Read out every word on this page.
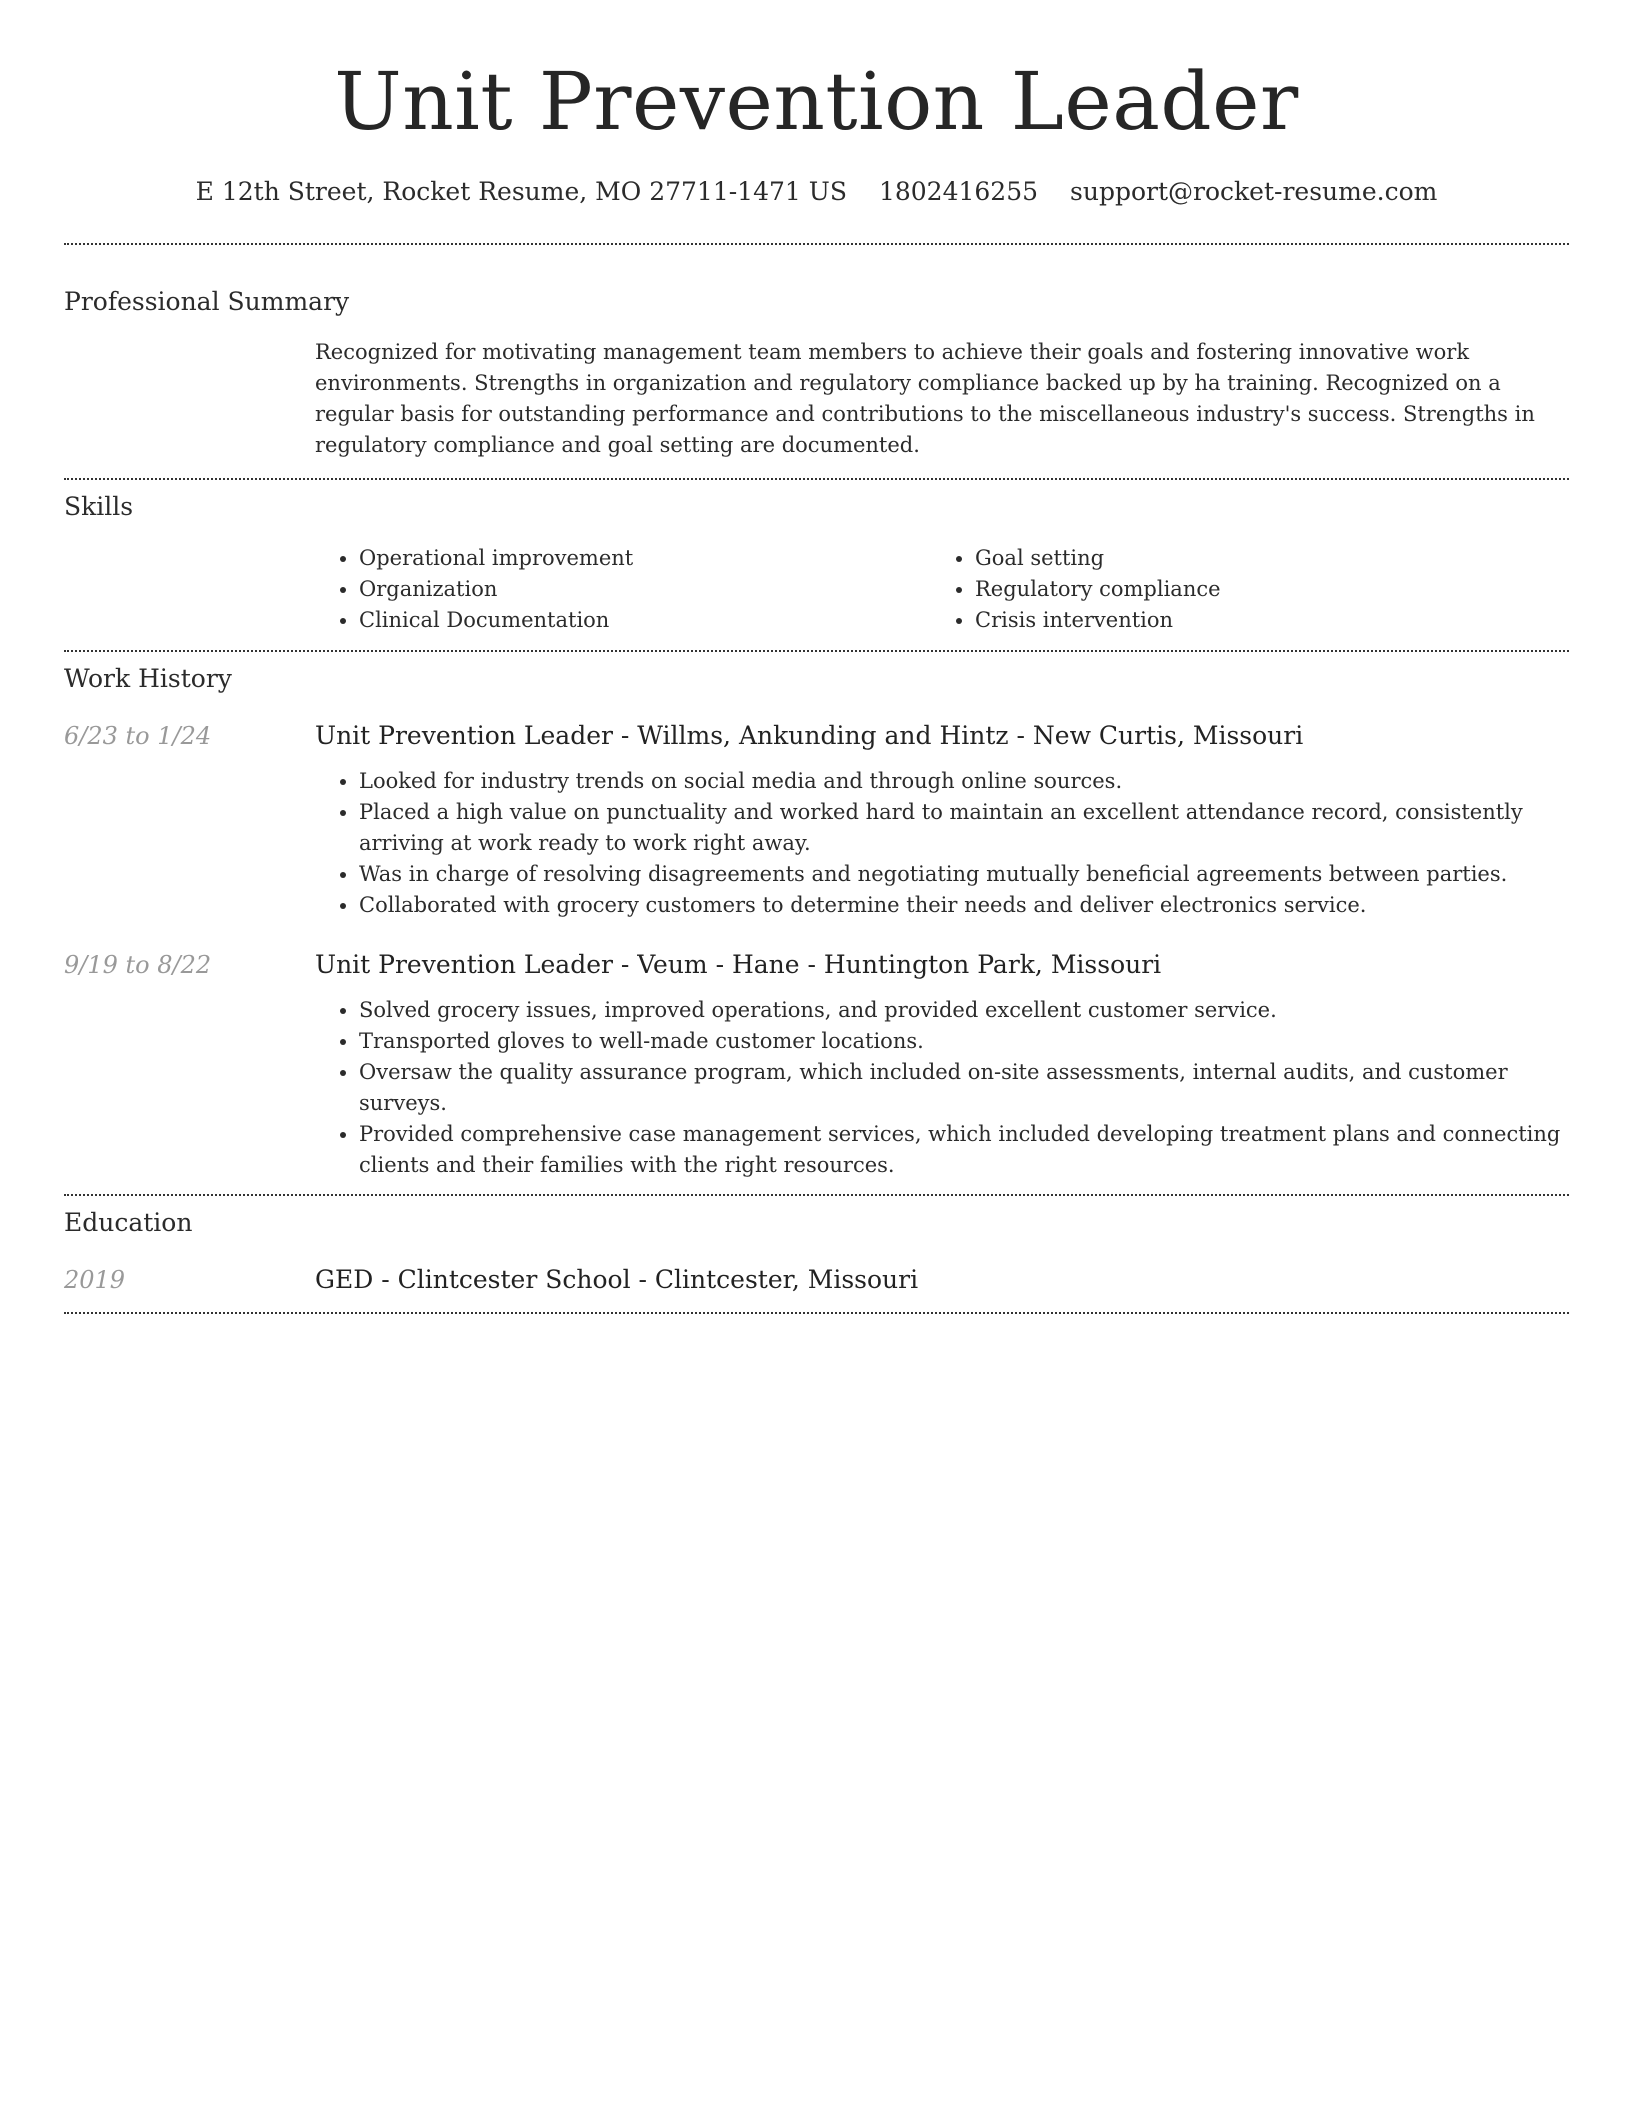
Unit Prevention Leader
E 12th Street, Rocket Resume, MO 27711-1471 US 1802416255 support@rocket-resume.com
Professional Summary
Recognized for motivating management team members to achieve their goals and fostering innovative work environments. Strengths in organization and regulatory compliance backed up by ha training. Recognized on a regular basis for outstanding performance and contributions to the miscellaneous industry's success. Strengths in regulatory compliance and goal setting are documented.
Skills
• Operational improvement
• Organization
• Clinical Documentation
• Goal setting
• Regulatory compliance
• Crisis intervention
Work History
6/23 to 1/24	Unit Prevention Leader - Willms, Ankunding and Hintz - New Curtis, Missouri
• Looked for industry trends on social media and through online sources.
• Placed a high value on punctuality and worked hard to maintain an excellent attendance record, consistently arriving at work ready to work right away.
• Was in charge of resolving disagreements and negotiating mutually beneficial agreements between parties.
• Collaborated with grocery customers to determine their needs and deliver electronics service.
9/19 to 8/22	Unit Prevention Leader - Veum - Hane - Huntington Park, Missouri
• Solved grocery issues, improved operations, and provided excellent customer service.
• Transported gloves to well-made customer locations.
• Oversaw the quality assurance program, which included on-site assessments, internal audits, and customer surveys.
• Provided comprehensive case management services, which included developing treatment plans and connecting clients and their families with the right resources.
Education
2019	GED - Clintcester School - Clintcester, Missouri
